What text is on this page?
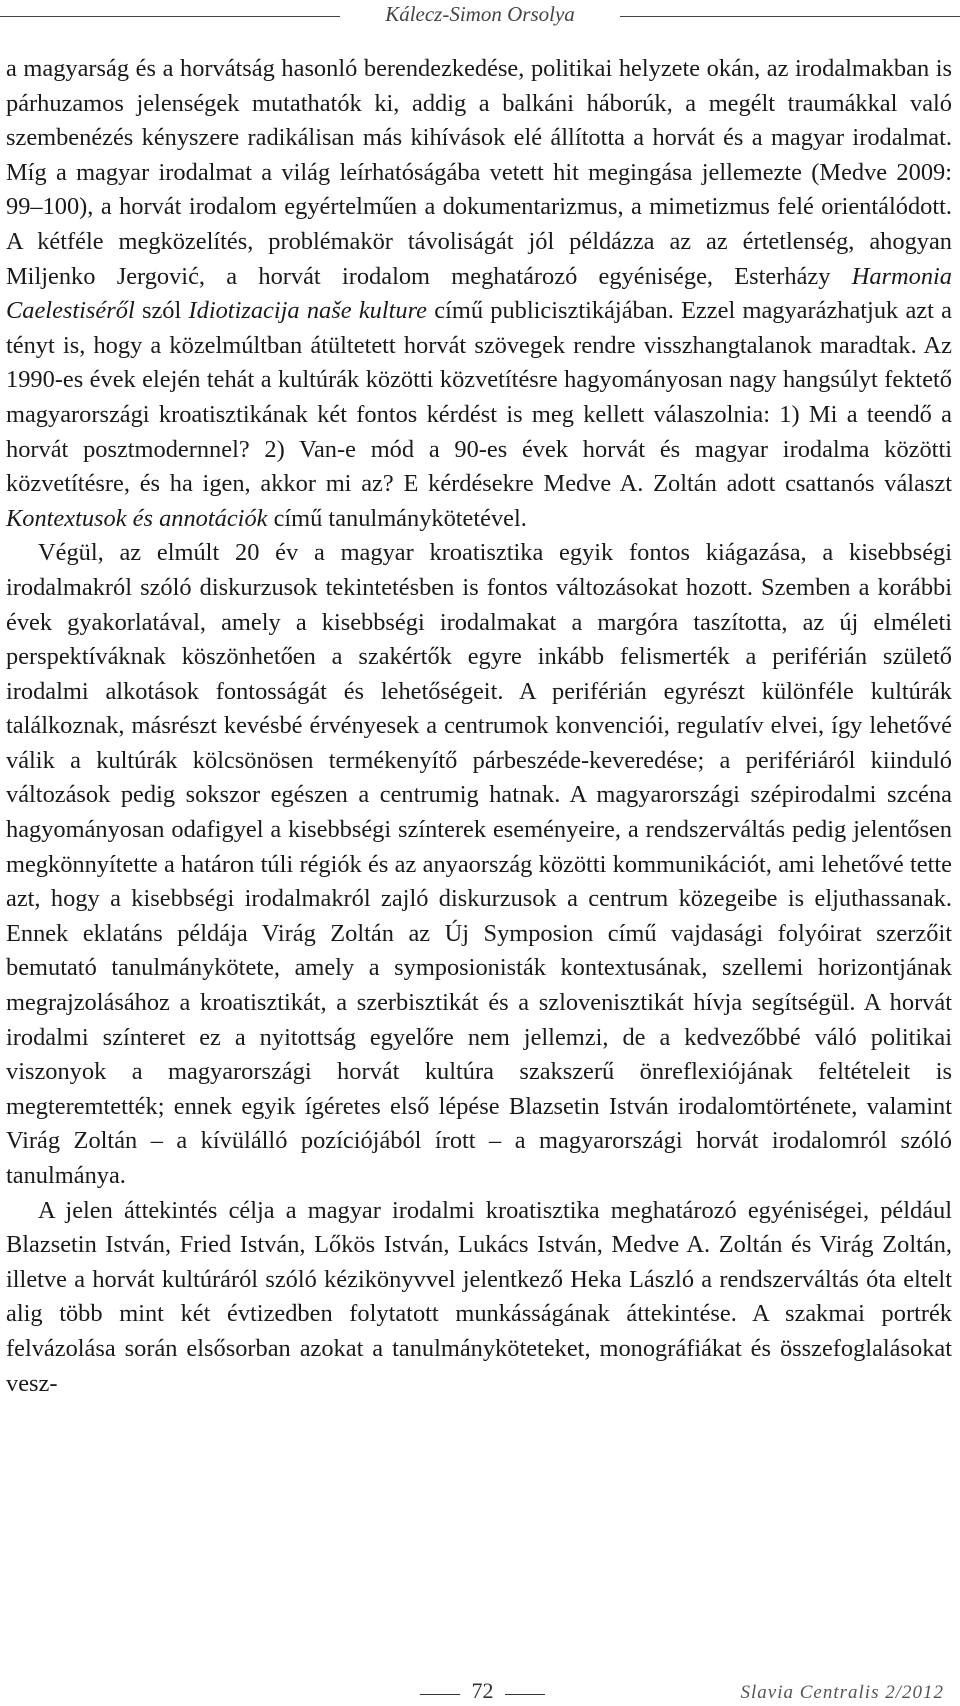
Kálecz-Simon Orsolya

a magyarság és a horvátság hasonló berendezkedése, politikai helyzete okán, az irodalmakban is párhuzamos jelenségek mutathatók ki, addig a balkáni háborúk, a megélt traumákkal való szembenézés kényszere radikálisan más kihívások elé állította a horvát és a magyar irodalmat. Míg a magyar irodalmat a világ leírhatóságába vetett hit megingása jellemezte (Medve 2009: 99–100), a horvát irodalom egyértelműen a dokumentarizmus, a mimetizmus felé orientálódott. A kétféle megközelítés, problémakör távoliságát jól példázza az az értetlenség, ahogyan Miljenko Jergović, a horvát irodalom meghatározó egyénisége, Esterházy Harmonia Caelestiséről szól Idiotizacija naše kulture című publicisztikájában. Ezzel magyarázhatjuk azt a tényt is, hogy a közelmúltban átültetett horvát szövegek rendre visszhangtalanok maradtak. Az 1990-es évek elején tehát a kultúrák közötti közvetítésre hagyományosan nagy hangsúlyt fektető magyarországi kroatisztikának két fontos kérdést is meg kellett válaszolnia: 1) Mi a teendő a horvát posztmodernnel? 2) Van-e mód a 90-es évek horvát és magyar irodalma közötti közvetítésre, és ha igen, akkor mi az? E kérdésekre Medve A. Zoltán adott csattanós választ Kontextusok és annotációk című tanulmánykötetével.

Végül, az elmúlt 20 év a magyar kroatisztika egyik fontos kiágazása, a kisebbségi irodalmakról szóló diskurzusok tekintetésben is fontos változásokat hozott. Szemben a korábbi évek gyakorlatával, amely a kisebbségi irodalmakat a margóra taszította, az új elméleti perspektíváknak köszönhetően a szakértők egyre inkább felismerték a periférián születő irodalmi alkotások fontosságát és lehetőségeit. A periférián egyrészt különféle kultúrák találkoznak, másrészt kevésbé érvényesek a centrumok konvenciói, regulatív elvei, így lehetővé válik a kultúrák kölcsönösen termékenyítő párbeszéde-keveredése; a perifériáról kiinduló változások pedig sokszor egészen a centrumig hatnak. A magyarországi szépirodalmi szcéna hagyományosan odafigyel a kisebbségi színterek eseményeire, a rendszerváltás pedig jelentősen megkönnyítette a határon túli régiók és az anyaország közötti kommunikációt, ami lehetővé tette azt, hogy a kisebbségi irodalmakról zajló diskurzusok a centrum közegeibe is eljuthassanak. Ennek eklatáns példája Virág Zoltán az Új Symposion című vajdasági folyóirat szerzőit bemutató tanulmánykötete, amely a symposionisták kontextusának, szellemi horizontjának megrajzolásához a kroatisztikát, a szerbisztikát és a szlovenisztikát hívja segítségül. A horvát irodalmi színteret ez a nyitottság egyelőre nem jellemzi, de a kedvezőbbé váló politikai viszonyok a magyarországi horvát kultúra szakszerű önreflexiójának feltételeit is megteremtették; ennek egyik ígéretes első lépése Blazsetin István irodalomtörténete, valamint Virág Zoltán – a kívülálló pozíciójából írott – a magyarországi horvát irodalomról szóló tanulmánya.

A jelen áttekintés célja a magyar irodalmi kroatisztika meghatározó egyéniségei, például Blazsetin István, Fried István, Lőkös István, Lukács István, Medve A. Zoltán és Virág Zoltán, illetve a horvát kultúráról szóló kézikönyvvel jelentkező Heka László a rendszerváltás óta eltelt alig több mint két évtizedben folytatott munkásságának áttekintése. A szakmai portrék felvázolása során elsősorban azokat a tanulmányköteteket, monográfiákat és összefoglalásokat vesz-

72	Slavia Centralis 2/2012
